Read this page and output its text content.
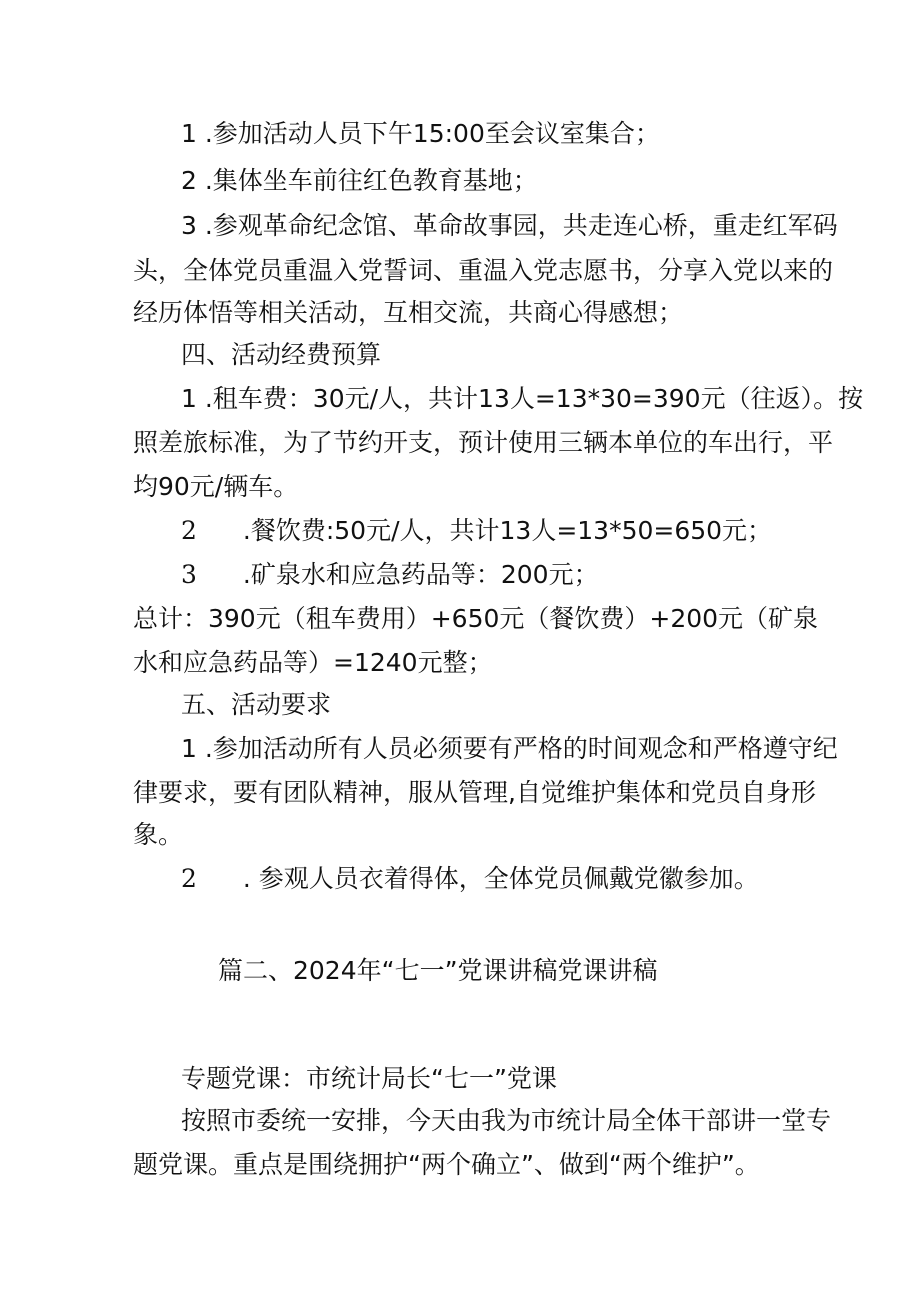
1 .参加活动人员下午15:00至会议室集合；
2 .集体坐车前往红色教育基地；
3 .参观革命纪念馆、革命故事园，共走连心桥，重走红军码
头，全体党员重温入党誓词、重温入党志愿书，分享入党以来的
经历体悟等相关活动，互相交流，共商心得感想；
四、活动经费预算
1 .租车费：30元/人，共计13人=13*30=390元（往返）。按
照差旅标准，为了节约开支，预计使用三辆本单位的车出行，平
均90元/辆车。
2 .餐饮费:50元/人，共计13人=13*50=650元；
3 .矿泉水和应急药品等：200元；
总计：390元（租车费用）+650元（餐饮费）+200元（矿泉
水和应急药品等）=1240元整；
五、活动要求
1 .参加活动所有人员必须要有严格的时间观念和严格遵守纪
律要求，要有团队精神，服从管理,自觉维护集体和党员自身形
象。
2 . 参观人员衣着得体，全体党员佩戴党徽参加。
篇二、2024年“七一”党课讲稿党课讲稿
专题党课：市统计局长“七一”党课
按照市委统一安排，今天由我为市统计局全体干部讲一堂专
题党课。重点是围绕拥护“两个确立”、做到“两个维护”。
